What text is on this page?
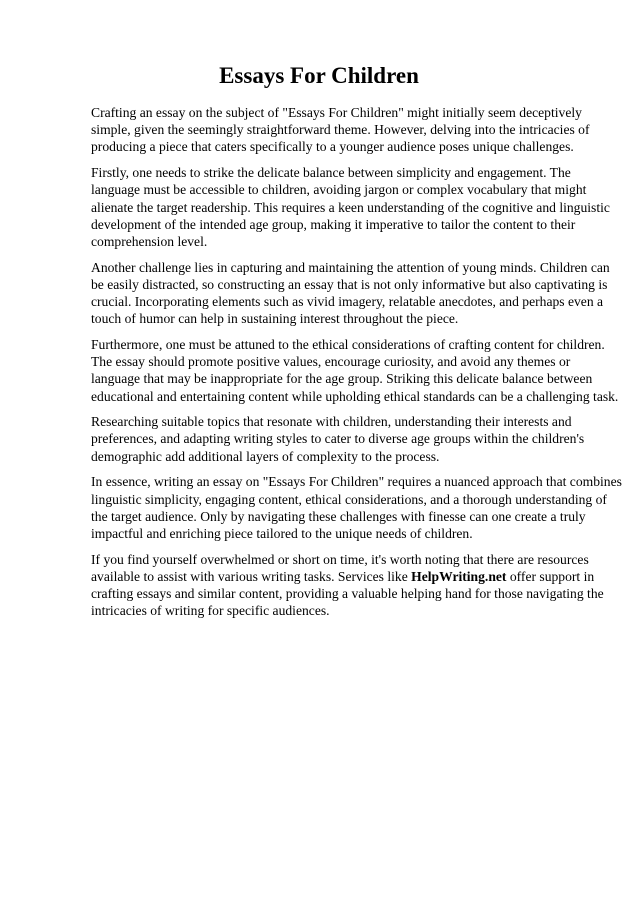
Essays For Children

Crafting an essay on the subject of "Essays For Children" might initially seem deceptively
simple, given the seemingly straightforward theme. However, delving into the intricacies of
producing a piece that caters specifically to a younger audience poses unique challenges.

Firstly, one needs to strike the delicate balance between simplicity and engagement. The
language must be accessible to children, avoiding jargon or complex vocabulary that might
alienate the target readership. This requires a keen understanding of the cognitive and linguistic
development of the intended age group, making it imperative to tailor the content to their
comprehension level.

Another challenge lies in capturing and maintaining the attention of young minds. Children can
be easily distracted, so constructing an essay that is not only informative but also captivating is
crucial. Incorporating elements such as vivid imagery, relatable anecdotes, and perhaps even a
touch of humor can help in sustaining interest throughout the piece.

Furthermore, one must be attuned to the ethical considerations of crafting content for children.
The essay should promote positive values, encourage curiosity, and avoid any themes or
language that may be inappropriate for the age group. Striking this delicate balance between
educational and entertaining content while upholding ethical standards can be a challenging task.

Researching suitable topics that resonate with children, understanding their interests and
preferences, and adapting writing styles to cater to diverse age groups within the children's
demographic add additional layers of complexity to the process.

In essence, writing an essay on "Essays For Children" requires a nuanced approach that combines
linguistic simplicity, engaging content, ethical considerations, and a thorough understanding of
the target audience. Only by navigating these challenges with finesse can one create a truly
impactful and enriching piece tailored to the unique needs of children.

If you find yourself overwhelmed or short on time, it's worth noting that there are resources
available to assist with various writing tasks. Services like HelpWriting.net offer support in
crafting essays and similar content, providing a valuable helping hand for those navigating the
intricacies of writing for specific audiences.
